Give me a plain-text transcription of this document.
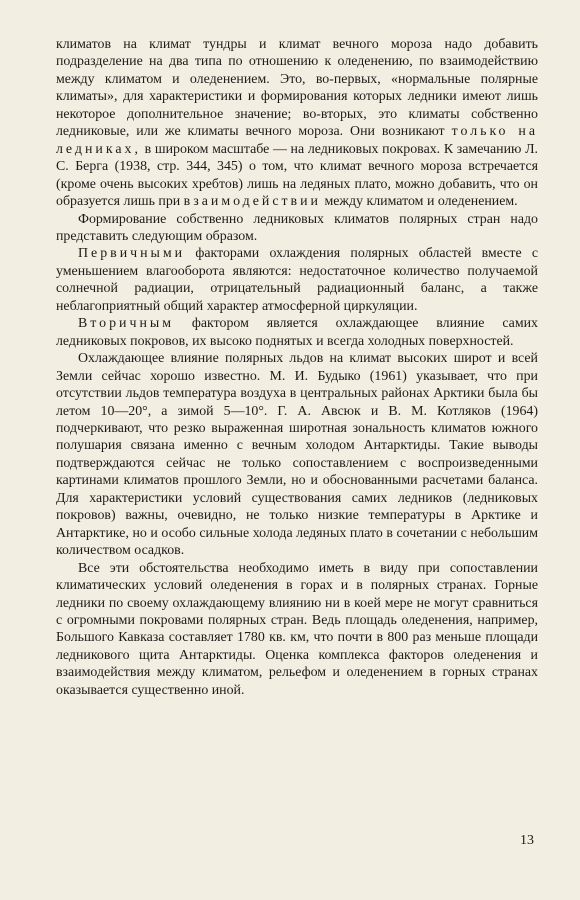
климатов на климат тундры и климат вечного мороза надо добавить подразделение на два типа по отношению к оледенению, по взаимодействию между климатом и оледенением. Это, во-первых, «нормальные полярные климаты», для характеристики и формирования которых ледники имеют лишь некоторое дополнительное значение; во-вторых, это климаты собственно ледниковые, или же климаты вечного мороза. Они возникают только на ледниках, в широком масштабе — на ледниковых покровах. К замечанию Л. С. Берга (1938, стр. 344, 345) о том, что климат вечного мороза встречается (кроме очень высоких хребтов) лишь на ледяных плато, можно добавить, что он образуется лишь при взаимодействии между климатом и оледенением.

Формирование собственно ледниковых климатов полярных стран надо представить следующим образом.

Первичными факторами охлаждения полярных областей вместе с уменьшением влагооборота являются: недостаточное количество получаемой солнечной радиации, отрицательный радиационный баланс, а также неблагоприятный общий характер атмосферной циркуляции.

Вторичным фактором является охлаждающее влияние самих ледниковых покровов, их высоко поднятых и всегда холодных поверхностей.

Охлаждающее влияние полярных льдов на климат высоких широт и всей Земли сейчас хорошо известно. М. И. Будыко (1961) указывает, что при отсутствии льдов температура воздуха в центральных районах Арктики была бы летом 10—20°, а зимой 5—10°. Г. А. Авсюк и В. М. Котляков (1964) подчеркивают, что резко выраженная широтная зональность климатов южного полушария связана именно с вечным холодом Антарктиды. Такие выводы подтверждаются сейчас не только сопоставлением с воспроизведенными картинами климатов прошлого Земли, но и обоснованными расчетами баланса. Для характеристики условий существования самих ледников (ледниковых покровов) важны, очевидно, не только низкие температуры в Арктике и Антарктике, но и особо сильные холода ледяных плато в сочетании с небольшим количеством осадков.

Все эти обстоятельства необходимо иметь в виду при сопоставлении климатических условий оледенения в горах и в полярных странах. Горные ледники по своему охлаждающему влиянию ни в коей мере не могут сравниться с огромными покровами полярных стран. Ведь площадь оледенения, например, Большого Кавказа составляет 1780 кв. км, что почти в 800 раз меньше площади ледникового щита Антарктиды. Оценка комплекса факторов оледенения и взаимодействия между климатом, рельефом и оледенением в горных странах оказывается существенно иной.

13
